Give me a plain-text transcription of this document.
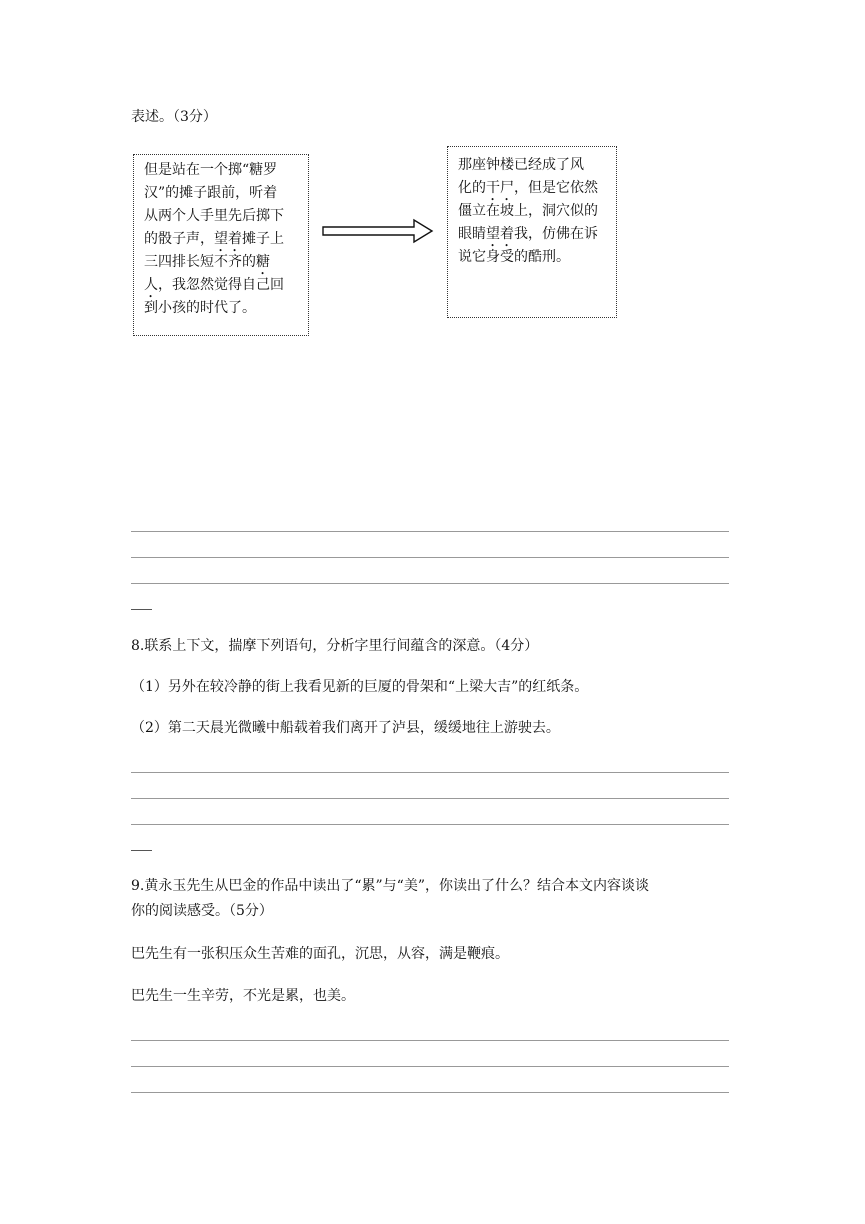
表述。（3分）
但是站在一个掷“糖罗
汉”的摊子跟前，听着
从两个人手里先后掷下
的骰子声，望着摊子上
三四排长短不齐的糖
人，我忽然觉得自己回
到小孩的时代了。
那座钟楼已经成了风
化的干尸，但是它依然
僵立在坡上，洞穴似的
眼睛望着我，仿佛在诉
说它身受的酷刑。
8.联系上下文，揣摩下列语句，分析字里行间蕴含的深意。（4分）
（1）另外在较冷静的街上我看见新的巨厦的骨架和“上梁大吉”的红纸条。
（2）第二天晨光微曦中船载着我们离开了泸县，缓缓地往上游驶去。
9.黄永玉先生从巴金的作品中读出了“累”与“美”，你读出了什么？结合本文内容谈谈
你的阅读感受。（5分）
巴先生有一张积压众生苦难的面孔，沉思，从容，满是鞭痕。
巴先生一生辛劳，不光是累，也美。
